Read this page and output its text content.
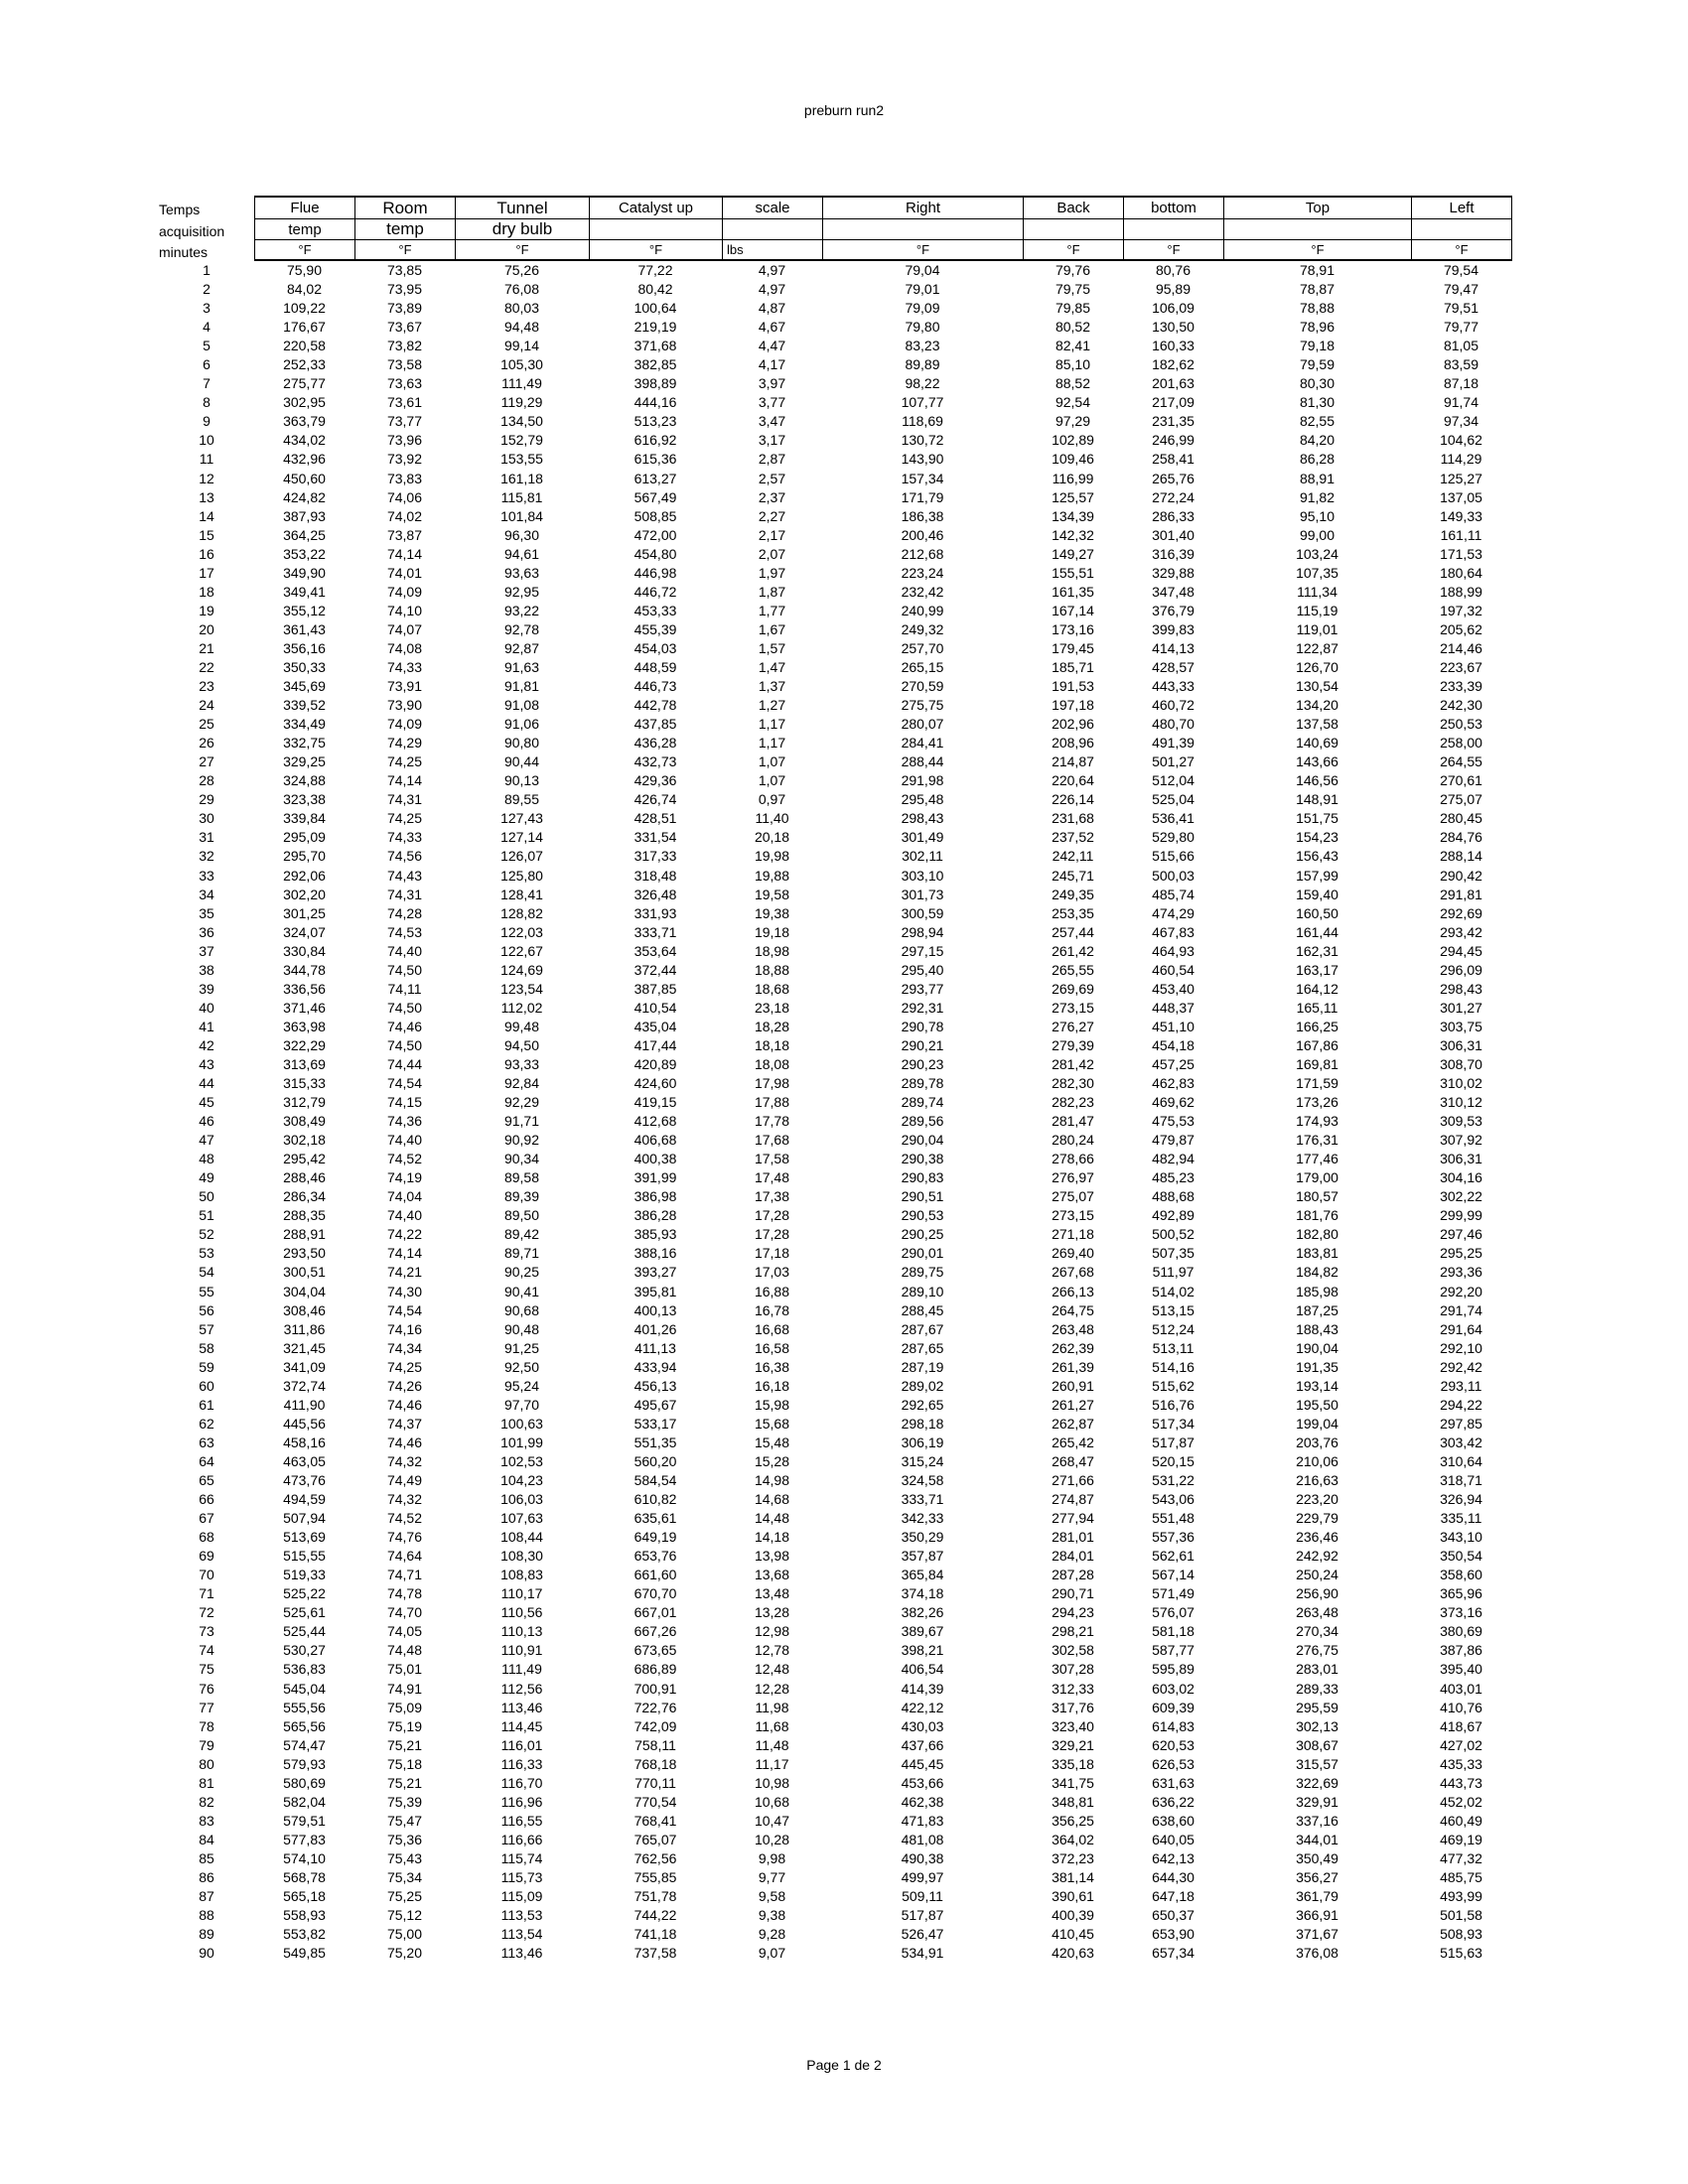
preburn run2
Temps
acquisition
minutes
Flue	Room	Tunnel	Catalyst up	scale	Right	Back	bottom	Top	Left
temp	temp	dry bulb							
°F	°F	°F	°F	lbs	°F	°F	°F	°F	°F
1	75,90	73,85	75,26	77,22	4,97	79,04	79,76	80,76	78,91	79,54
2	84,02	73,95	76,08	80,42	4,97	79,01	79,75	95,89	78,87	79,47
3	109,22	73,89	80,03	100,64	4,87	79,09	79,85	106,09	78,88	79,51
4	176,67	73,67	94,48	219,19	4,67	79,80	80,52	130,50	78,96	79,77
5	220,58	73,82	99,14	371,68	4,47	83,23	82,41	160,33	79,18	81,05
6	252,33	73,58	105,30	382,85	4,17	89,89	85,10	182,62	79,59	83,59
7	275,77	73,63	111,49	398,89	3,97	98,22	88,52	201,63	80,30	87,18
8	302,95	73,61	119,29	444,16	3,77	107,77	92,54	217,09	81,30	91,74
9	363,79	73,77	134,50	513,23	3,47	118,69	97,29	231,35	82,55	97,34
10	434,02	73,96	152,79	616,92	3,17	130,72	102,89	246,99	84,20	104,62
11	432,96	73,92	153,55	615,36	2,87	143,90	109,46	258,41	86,28	114,29
12	450,60	73,83	161,18	613,27	2,57	157,34	116,99	265,76	88,91	125,27
13	424,82	74,06	115,81	567,49	2,37	171,79	125,57	272,24	91,82	137,05
14	387,93	74,02	101,84	508,85	2,27	186,38	134,39	286,33	95,10	149,33
15	364,25	73,87	96,30	472,00	2,17	200,46	142,32	301,40	99,00	161,11
16	353,22	74,14	94,61	454,80	2,07	212,68	149,27	316,39	103,24	171,53
17	349,90	74,01	93,63	446,98	1,97	223,24	155,51	329,88	107,35	180,64
18	349,41	74,09	92,95	446,72	1,87	232,42	161,35	347,48	111,34	188,99
19	355,12	74,10	93,22	453,33	1,77	240,99	167,14	376,79	115,19	197,32
20	361,43	74,07	92,78	455,39	1,67	249,32	173,16	399,83	119,01	205,62
21	356,16	74,08	92,87	454,03	1,57	257,70	179,45	414,13	122,87	214,46
22	350,33	74,33	91,63	448,59	1,47	265,15	185,71	428,57	126,70	223,67
23	345,69	73,91	91,81	446,73	1,37	270,59	191,53	443,33	130,54	233,39
24	339,52	73,90	91,08	442,78	1,27	275,75	197,18	460,72	134,20	242,30
25	334,49	74,09	91,06	437,85	1,17	280,07	202,96	480,70	137,58	250,53
26	332,75	74,29	90,80	436,28	1,17	284,41	208,96	491,39	140,69	258,00
27	329,25	74,25	90,44	432,73	1,07	288,44	214,87	501,27	143,66	264,55
28	324,88	74,14	90,13	429,36	1,07	291,98	220,64	512,04	146,56	270,61
29	323,38	74,31	89,55	426,74	0,97	295,48	226,14	525,04	148,91	275,07
30	339,84	74,25	127,43	428,51	11,40	298,43	231,68	536,41	151,75	280,45
31	295,09	74,33	127,14	331,54	20,18	301,49	237,52	529,80	154,23	284,76
32	295,70	74,56	126,07	317,33	19,98	302,11	242,11	515,66	156,43	288,14
33	292,06	74,43	125,80	318,48	19,88	303,10	245,71	500,03	157,99	290,42
34	302,20	74,31	128,41	326,48	19,58	301,73	249,35	485,74	159,40	291,81
35	301,25	74,28	128,82	331,93	19,38	300,59	253,35	474,29	160,50	292,69
36	324,07	74,53	122,03	333,71	19,18	298,94	257,44	467,83	161,44	293,42
37	330,84	74,40	122,67	353,64	18,98	297,15	261,42	464,93	162,31	294,45
38	344,78	74,50	124,69	372,44	18,88	295,40	265,55	460,54	163,17	296,09
39	336,56	74,11	123,54	387,85	18,68	293,77	269,69	453,40	164,12	298,43
40	371,46	74,50	112,02	410,54	23,18	292,31	273,15	448,37	165,11	301,27
41	363,98	74,46	99,48	435,04	18,28	290,78	276,27	451,10	166,25	303,75
42	322,29	74,50	94,50	417,44	18,18	290,21	279,39	454,18	167,86	306,31
43	313,69	74,44	93,33	420,89	18,08	290,23	281,42	457,25	169,81	308,70
44	315,33	74,54	92,84	424,60	17,98	289,78	282,30	462,83	171,59	310,02
45	312,79	74,15	92,29	419,15	17,88	289,74	282,23	469,62	173,26	310,12
46	308,49	74,36	91,71	412,68	17,78	289,56	281,47	475,53	174,93	309,53
47	302,18	74,40	90,92	406,68	17,68	290,04	280,24	479,87	176,31	307,92
48	295,42	74,52	90,34	400,38	17,58	290,38	278,66	482,94	177,46	306,31
49	288,46	74,19	89,58	391,99	17,48	290,83	276,97	485,23	179,00	304,16
50	286,34	74,04	89,39	386,98	17,38	290,51	275,07	488,68	180,57	302,22
51	288,35	74,40	89,50	386,28	17,28	290,53	273,15	492,89	181,76	299,99
52	288,91	74,22	89,42	385,93	17,28	290,25	271,18	500,52	182,80	297,46
53	293,50	74,14	89,71	388,16	17,18	290,01	269,40	507,35	183,81	295,25
54	300,51	74,21	90,25	393,27	17,03	289,75	267,68	511,97	184,82	293,36
55	304,04	74,30	90,41	395,81	16,88	289,10	266,13	514,02	185,98	292,20
56	308,46	74,54	90,68	400,13	16,78	288,45	264,75	513,15	187,25	291,74
57	311,86	74,16	90,48	401,26	16,68	287,67	263,48	512,24	188,43	291,64
58	321,45	74,34	91,25	411,13	16,58	287,65	262,39	513,11	190,04	292,10
59	341,09	74,25	92,50	433,94	16,38	287,19	261,39	514,16	191,35	292,42
60	372,74	74,26	95,24	456,13	16,18	289,02	260,91	515,62	193,14	293,11
61	411,90	74,46	97,70	495,67	15,98	292,65	261,27	516,76	195,50	294,22
62	445,56	74,37	100,63	533,17	15,68	298,18	262,87	517,34	199,04	297,85
63	458,16	74,46	101,99	551,35	15,48	306,19	265,42	517,87	203,76	303,42
64	463,05	74,32	102,53	560,20	15,28	315,24	268,47	520,15	210,06	310,64
65	473,76	74,49	104,23	584,54	14,98	324,58	271,66	531,22	216,63	318,71
66	494,59	74,32	106,03	610,82	14,68	333,71	274,87	543,06	223,20	326,94
67	507,94	74,52	107,63	635,61	14,48	342,33	277,94	551,48	229,79	335,11
68	513,69	74,76	108,44	649,19	14,18	350,29	281,01	557,36	236,46	343,10
69	515,55	74,64	108,30	653,76	13,98	357,87	284,01	562,61	242,92	350,54
70	519,33	74,71	108,83	661,60	13,68	365,84	287,28	567,14	250,24	358,60
71	525,22	74,78	110,17	670,70	13,48	374,18	290,71	571,49	256,90	365,96
72	525,61	74,70	110,56	667,01	13,28	382,26	294,23	576,07	263,48	373,16
73	525,44	74,05	110,13	667,26	12,98	389,67	298,21	581,18	270,34	380,69
74	530,27	74,48	110,91	673,65	12,78	398,21	302,58	587,77	276,75	387,86
75	536,83	75,01	111,49	686,89	12,48	406,54	307,28	595,89	283,01	395,40
76	545,04	74,91	112,56	700,91	12,28	414,39	312,33	603,02	289,33	403,01
77	555,56	75,09	113,46	722,76	11,98	422,12	317,76	609,39	295,59	410,76
78	565,56	75,19	114,45	742,09	11,68	430,03	323,40	614,83	302,13	418,67
79	574,47	75,21	116,01	758,11	11,48	437,66	329,21	620,53	308,67	427,02
80	579,93	75,18	116,33	768,18	11,17	445,45	335,18	626,53	315,57	435,33
81	580,69	75,21	116,70	770,11	10,98	453,66	341,75	631,63	322,69	443,73
82	582,04	75,39	116,96	770,54	10,68	462,38	348,81	636,22	329,91	452,02
83	579,51	75,47	116,55	768,41	10,47	471,83	356,25	638,60	337,16	460,49
84	577,83	75,36	116,66	765,07	10,28	481,08	364,02	640,05	344,01	469,19
85	574,10	75,43	115,74	762,56	9,98	490,38	372,23	642,13	350,49	477,32
86	568,78	75,34	115,73	755,85	9,77	499,97	381,14	644,30	356,27	485,75
87	565,18	75,25	115,09	751,78	9,58	509,11	390,61	647,18	361,79	493,99
88	558,93	75,12	113,53	744,22	9,38	517,87	400,39	650,37	366,91	501,58
89	553,82	75,00	113,54	741,18	9,28	526,47	410,45	653,90	371,67	508,93
90	549,85	75,20	113,46	737,58	9,07	534,91	420,63	657,34	376,08	515,63
Page 1 de 2
